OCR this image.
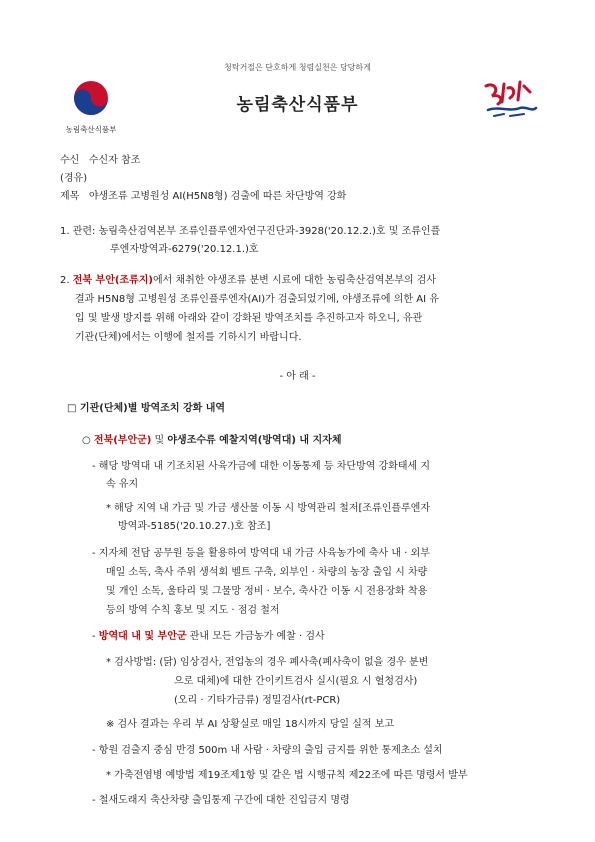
청탁거절은 단호하게 청렴실천은 당당하게
농림축산식품부
농림축산식품부
수신 수신자 참조
(경유)
제목 야생조류 고병원성 AI(H5N8형) 검출에 따른 차단방역 강화
1. 관련: 농림축산검역본부 조류인플루엔자연구진단과-3928('20.12.2.)호 및 조류인플
루엔자방역과-6279('20.12.1.)호
2. 전북 부안(조류지)에서 채취한 야생조류 분변 시료에 대한 농림축산검역본부의 검사
결과 H5N8형 고병원성 조류인플루엔자(AI)가 검출되었기에, 야생조류에 의한 AI 유
입 및 발생 방지를 위해 아래와 같이 강화된 방역조치를 추진하고자 하오니, 유관
기관(단체)에서는 이행에 철저를 기하시기 바랍니다.
- 아 래 -
□ 기관(단체)별 방역조치 강화 내역
○ 전북(부안군) 및 야생조수류 예찰지역(방역대) 내 지자체
- 해당 방역대 내 기조치된 사육가금에 대한 이동통제 등 차단방역 강화태세 지
속 유지
* 해당 지역 내 가금 및 가금 생산물 이동 시 방역관리 철저[조류인플루엔자
방역과-5185('20.10.27.)호 참조]
- 지자체 전담 공무원 등을 활용하여 방역대 내 가금 사육농가에 축사 내 · 외부
매일 소독, 축사 주위 생석회 벨트 구축, 외부인 · 차량의 농장 출입 시 차량
및 개인 소독, 울타리 및 그물망 정비 · 보수, 축사간 이동 시 전용장화 착용
등의 방역 수칙 홍보 및 지도 · 점검 철저
- 방역대 내 및 부안군 관내 모든 가금농가 예찰 · 검사
* 검사방법: (닭) 임상검사, 전업농의 경우 폐사축(폐사축이 없을 경우 분변
으로 대체)에 대한 간이키트검사 실시(필요 시 혈청검사)
(오리 · 기타가금류) 정밀검사(rt-PCR)
※ 검사 결과는 우리 부 AI 상황실로 매일 18시까지 당일 실적 보고
- 항원 검출지 중심 반경 500m 내 사람 · 차량의 출입 금지를 위한 통제초소 설치
* 가축전염병 예방법 제19조제1항 및 같은 법 시행규칙 제22조에 따른 명령서 발부
- 철새도래지 축산차량 출입통제 구간에 대한 진입금지 명령
